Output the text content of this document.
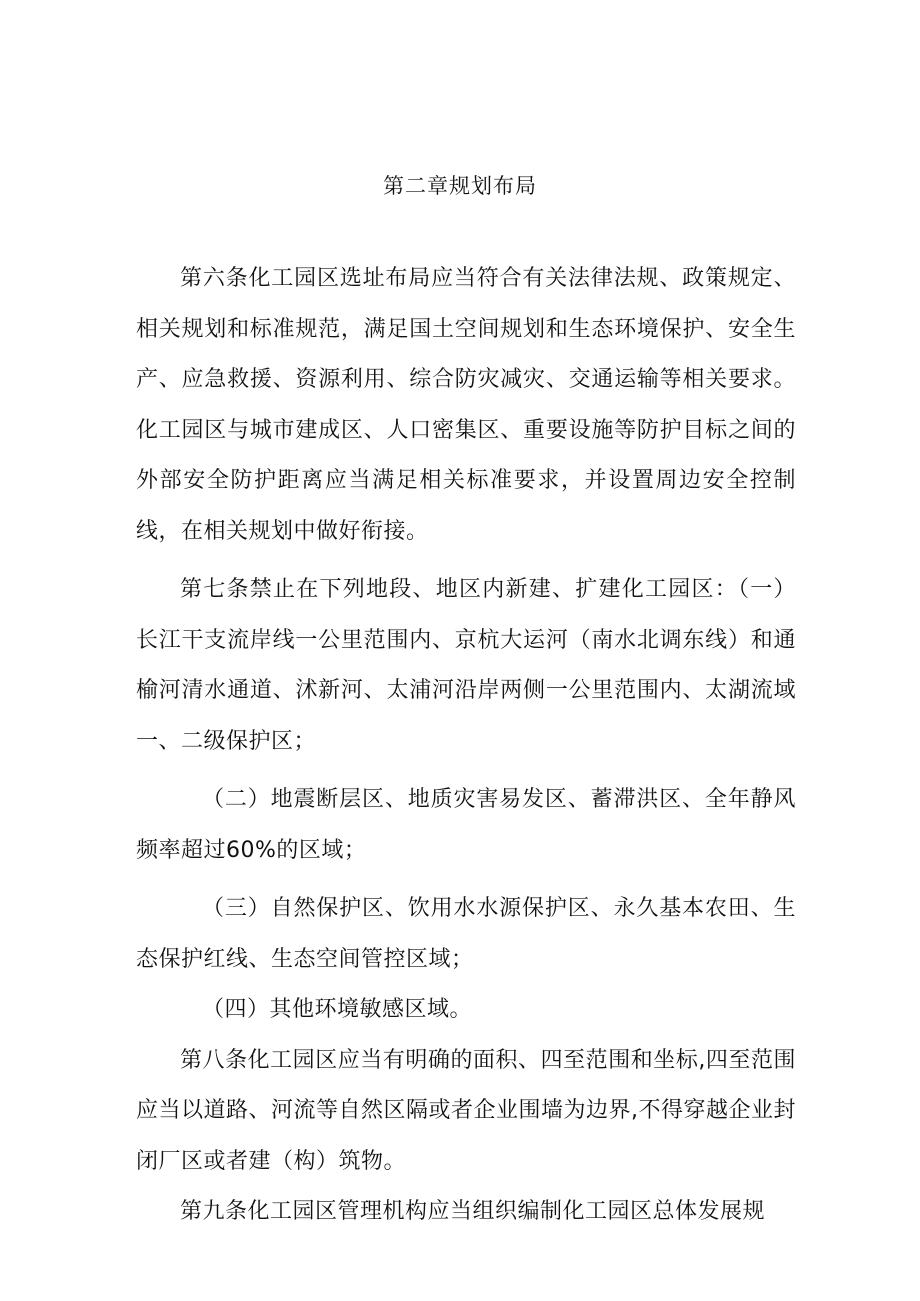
第二章规划布局

第六条化工园区选址布局应当符合有关法律法规、政策规定、相关规划和标准规范，满足国土空间规划和生态环境保护、安全生产、应急救援、资源利用、综合防灾减灾、交通运输等相关要求。化工园区与城市建成区、人口密集区、重要设施等防护目标之间的外部安全防护距离应当满足相关标准要求，并设置周边安全控制线，在相关规划中做好衔接。

第七条禁止在下列地段、地区内新建、扩建化工园区：（一）长江干支流岸线一公里范围内、京杭大运河（南水北调东线）和通榆河清水通道、沭新河、太浦河沿岸两侧一公里范围内、太湖流域一、二级保护区；

（二）地震断层区、地质灾害易发区、蓄滞洪区、全年静风频率超过60%的区域；

（三）自然保护区、饮用水水源保护区、永久基本农田、生态保护红线、生态空间管控区域；

（四）其他环境敏感区域。

第八条化工园区应当有明确的面积、四至范围和坐标,四至范围应当以道路、河流等自然区隔或者企业围墙为边界,不得穿越企业封闭厂区或者建（构）筑物。

第九条化工园区管理机构应当组织编制化工园区总体发展规
